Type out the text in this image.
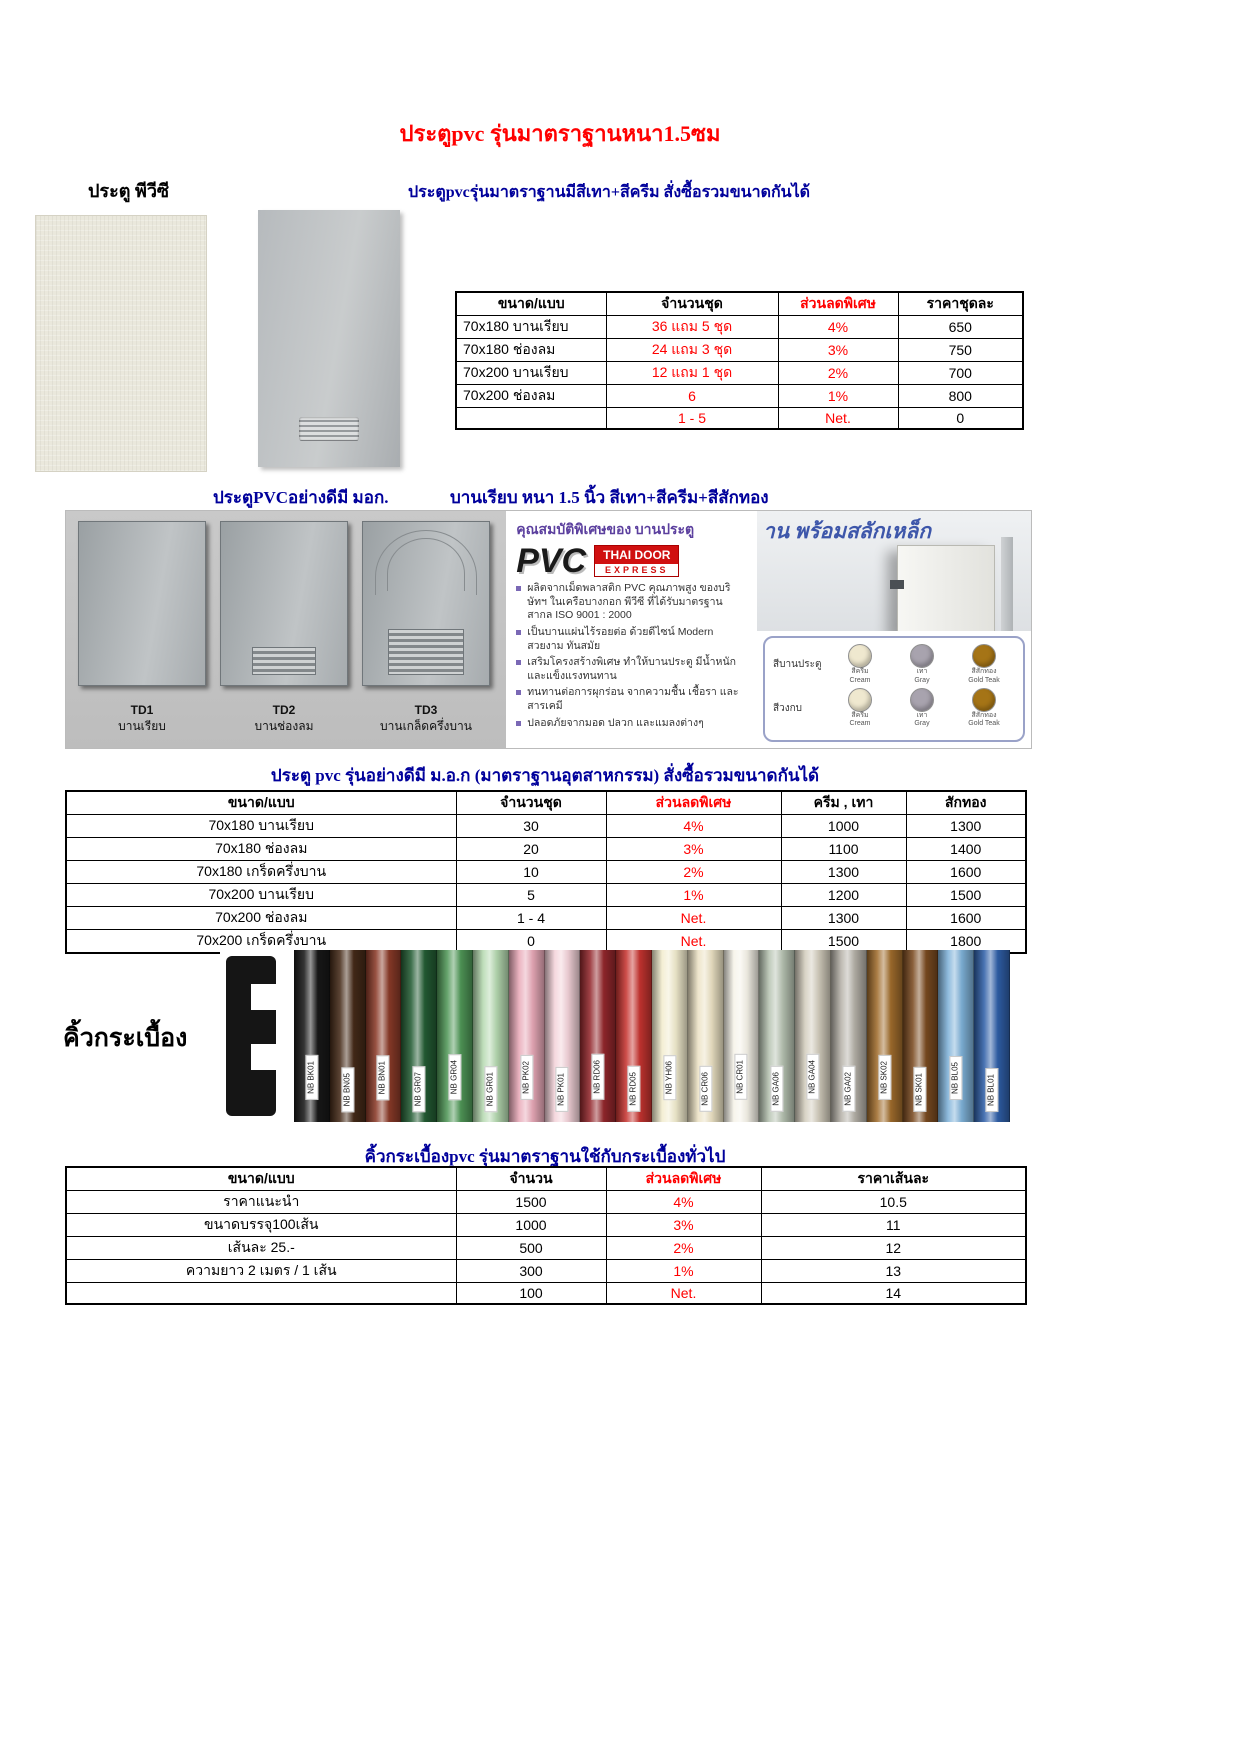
ประตูpvc รุ่นมาตราฐานหนา1.5ซม
ประตู พีวีซี	ประตูpvcรุ่นมาตราฐานมีสีเทา+สีครีม สั่งซื้อรวมขนาดกันได้
ขนาด/แบบ	จำนวนชุด	ส่วนลดพิเศษ	ราคาชุดละ
70x180 บานเรียบ	36 แถม 5 ชุด	4%	650
70x180 ช่องลม	24 แถม 3 ชุด	3%	750
70x200 บานเรียบ	12 แถม 1 ชุด	2%	700
70x200 ช่องลม	6	1%	800
	1 - 5	Net.	0
ประตูPVCอย่างดีมี มอก.	บานเรียบ หนา 1.5 นิ้ว สีเทา+สีครีม+สีสักทอง
TD1
บานเรียบ
TD2
บานช่องลม
TD3
บานเกล็ดครึ่งบาน
คุณสมบัติพิเศษของ บานประตู
PVC	THAI DOOR
EXPRESS
ผลิตจากเม็ดพลาสติก PVC คุณภาพสูง ของบริษัทฯ ในเครือบางกอก พีวีซี ที่ได้รับมาตรฐานสากล ISO 9001 : 2000
เป็นบานแผ่นไร้รอยต่อ ด้วยดีไซน์ Modern สวยงาม ทันสมัย
เสริมโครงสร้างพิเศษ ทำให้บานประตู มีน้ำหนัก และแข็งแรงทนทาน
ทนทานต่อการผุกร่อน จากความชื้น เชื้อรา และสารเคมี
ปลอดภัยจากมอด ปลวก และแมลงต่างๆ
าน พร้อมสลักเหล็ก
สีบานประตู
สีครีม
Cream
เทา
Gray
สีสักทอง
Gold Teak
สีวงกบ
สีครีม
Cream
เทา
Gray
สีสักทอง
Gold Teak
ประตู pvc รุ่นอย่างดีมี ม.อ.ก (มาตราฐานอุตสาหกรรม) สั่งซื้อรวมขนาดกันได้
ขนาด/แบบ	จำนวนชุด	ส่วนลดพิเศษ	ครีม , เทา	สักทอง
70x180 บานเรียบ	30	4%	1000	1300
70x180 ช่องลม	20	3%	1100	1400
70x180 เกร็ดครึ่งบาน	10	2%	1300	1600
70x200 บานเรียบ	5	1%	1200	1500
70x200 ช่องลม	1 - 4	Net.	1300	1600
70x200 เกร็ดครึ่งบาน	0	Net.	1500	1800
คิ้วกระเบื้อง
NB BK01	NB BN05	NB BN01	NB GR07	NB GR04	NB GR01	NB PK02	NB PK01	NB RD06	NB RD05	NB YH06	NB CR06	NB CR01	NB GA06	NB GA04	NB GA02	NB SK02	NB SK01	NB BL05	NB BL01
คิ้วกระเบื้องpvc รุ่นมาตราฐานใช้กับกระเบื้องทั่วไป
ขนาด/แบบ	จำนวน	ส่วนลดพิเศษ	ราคาเส้นละ
ราคาแนะนำ	1500	4%	10.5
ขนาดบรรจุ100เส้น	1000	3%	11
เส้นละ 25.-	500	2%	12
ความยาว 2 เมตร / 1 เส้น	300	1%	13
	100	Net.	14
